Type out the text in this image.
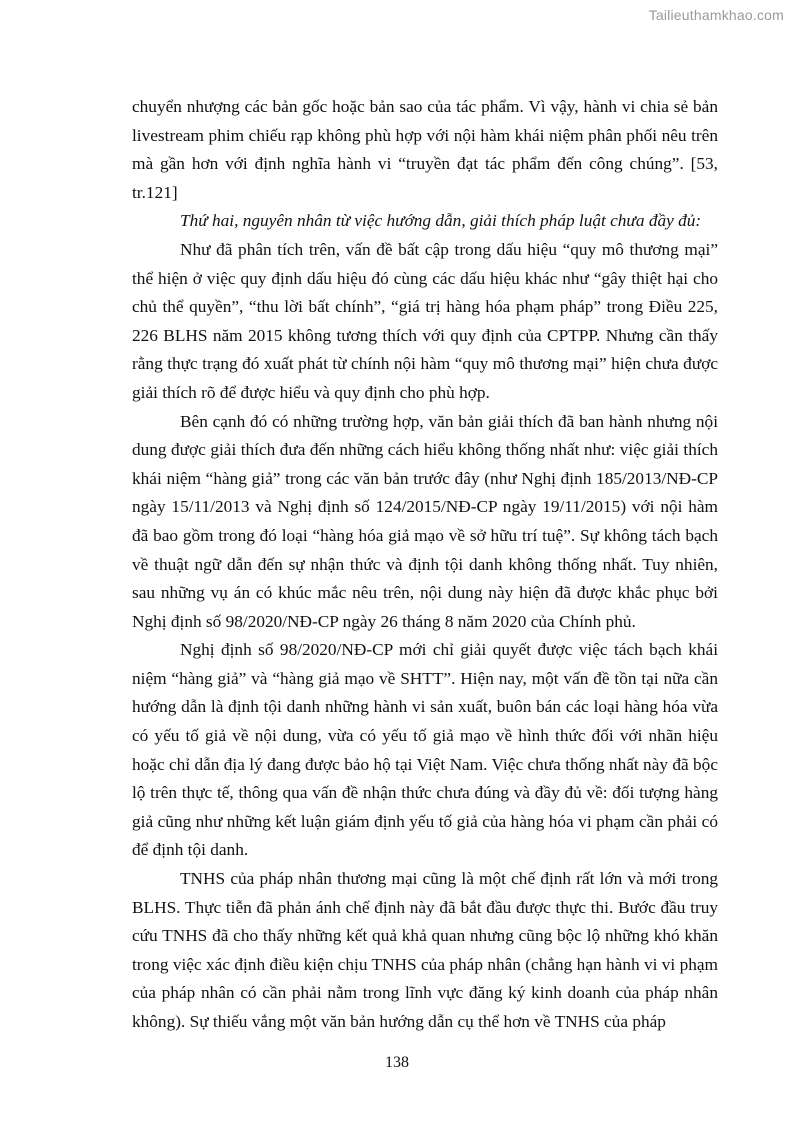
Tailieuthamkhao.com

chuyển nhượng các bản gốc hoặc bản sao của tác phẩm. Vì vậy, hành vi chia sẻ bản livestream phim chiếu rạp không phù hợp với nội hàm khái niệm phân phối nêu trên mà gần hơn với định nghĩa hành vi “truyền đạt tác phẩm đến công chúng”. [53, tr.121]

Thứ hai, nguyên nhân từ việc hướng dẫn, giải thích pháp luật chưa đầy đủ:

Như đã phân tích trên, vấn đề bất cập trong dấu hiệu “quy mô thương mại” thể hiện ở việc quy định dấu hiệu đó cùng các dấu hiệu khác như “gây thiệt hại cho chủ thể quyền”, “thu lời bất chính”, “giá trị hàng hóa phạm pháp” trong Điều 225, 226 BLHS năm 2015 không tương thích với quy định của CPTPP. Nhưng cần thấy rằng thực trạng đó xuất phát từ chính nội hàm “quy mô thương mại” hiện chưa được giải thích rõ để được hiểu và quy định cho phù hợp.

Bên cạnh đó có những trường hợp, văn bản giải thích đã ban hành nhưng nội dung được giải thích đưa đến những cách hiểu không thống nhất như: việc giải thích khái niệm “hàng giả” trong các văn bản trước đây (như Nghị định 185/2013/NĐ-CP ngày 15/11/2013 và Nghị định số 124/2015/NĐ-CP ngày 19/11/2015) với nội hàm đã bao gồm trong đó loại “hàng hóa giả mạo về sở hữu trí tuệ”. Sự không tách bạch về thuật ngữ dẫn đến sự nhận thức và định tội danh không thống nhất. Tuy nhiên, sau những vụ án có khúc mắc nêu trên, nội dung này hiện đã được khắc phục bởi Nghị định số 98/2020/NĐ-CP ngày 26 tháng 8 năm 2020 của Chính phủ.

Nghị định số 98/2020/NĐ-CP mới chỉ giải quyết được việc tách bạch khái niệm “hàng giả” và “hàng giả mạo về SHTT”. Hiện nay, một vấn đề tồn tại nữa cần hướng dẫn là định tội danh những hành vi sản xuất, buôn bán các loại hàng hóa vừa có yếu tố giả về nội dung, vừa có yếu tố giả mạo về hình thức đối với nhãn hiệu hoặc chỉ dẫn địa lý đang được bảo hộ tại Việt Nam. Việc chưa thống nhất này đã bộc lộ trên thực tế, thông qua vấn đề nhận thức chưa đúng và đầy đủ về: đối tượng hàng giả cũng như những kết luận giám định yếu tố giả của hàng hóa vi phạm cần phải có để định tội danh.

TNHS của pháp nhân thương mại cũng là một chế định rất lớn và mới trong BLHS. Thực tiễn đã phản ánh chế định này đã bắt đầu được thực thi. Bước đầu truy cứu TNHS đã cho thấy những kết quả khả quan nhưng cũng bộc lộ những khó khăn trong việc xác định điều kiện chịu TNHS của pháp nhân (chẳng hạn hành vi vi phạm của pháp nhân có cần phải nằm trong lĩnh vực đăng ký kinh doanh của pháp nhân không). Sự thiếu vắng một văn bản hướng dẫn cụ thể hơn về TNHS của pháp

138
